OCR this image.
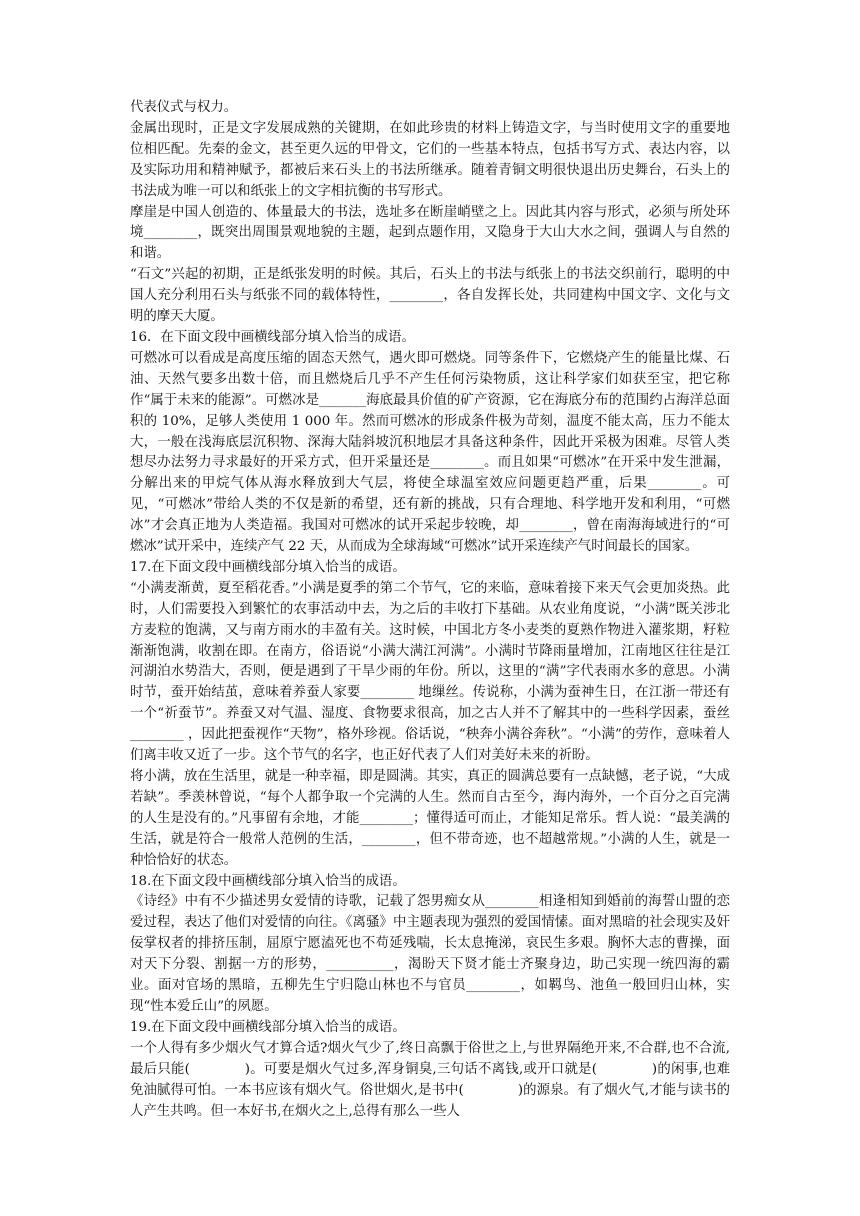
代表仪式与权力。

金属出现时，正是文字发展成熟的关键期，在如此珍贵的材料上铸造文字，与当时使用文字的重要地位相匹配。先秦的金文，甚至更久远的甲骨文，它们的一些基本特点，包括书写方式、表达内容，以及实际功用和精神赋予，都被后来石头上的书法所继承。随着青铜文明很快退出历史舞台，石头上的书法成为唯一可以和纸张上的文字相抗衡的书写形式。

摩崖是中国人创造的、体量最大的书法，选址多在断崖峭壁之上。因此其内容与形式，必须与所处环境________，既突出周围景观地貌的主题，起到点题作用，又隐身于大山大水之间，强调人与自然的和谐。

“石文”兴起的初期，正是纸张发明的时候。其后，石头上的书法与纸张上的书法交织前行，聪明的中国人充分利用石头与纸张不同的载体特性，________，各自发挥长处，共同建构中国文字、文化与文明的摩天大厦。

16．在下面文段中画横线部分填入恰当的成语。

可燃冰可以看成是高度压缩的固态天然气，遇火即可燃烧。同等条件下，它燃烧产生的能量比煤、石油、天然气要多出数十倍，而且燃烧后几乎不产生任何污染物质，这让科学家们如获至宝，把它称作“属于未来的能源”。可燃冰是_______海底最具价值的矿产资源，它在海底分布的范围约占海洋总面积的 10%，足够人类使用 1 000 年。然而可燃冰的形成条件极为苛刻，温度不能太高，压力不能太大，一般在浅海底层沉积物、深海大陆斜坡沉积地层才具备这种条件，因此开采极为困难。尽管人类想尽办法努力寻求最好的开采方式，但开采量还是________。而且如果“可燃冰”在开采中发生泄漏，分解出来的甲烷气体从海水释放到大气层，将使全球温室效应问题更趋严重，后果________。可见，“可燃冰”带给人类的不仅是新的希望，还有新的挑战，只有合理地、科学地开发和利用，“可燃冰”才会真正地为人类造福。我国对可燃冰的试开采起步较晚，却________，曾在南海海域进行的“可燃冰”试开采中，连续产气 22 天，从而成为全球海域“可燃冰”试开采连续产气时间最长的国家。

17.在下面文段中画横线部分填入恰当的成语。

“小满麦渐黄，夏至稻花香。”小满是夏季的第二个节气，它的来临，意味着接下来天气会更加炎热。此时，人们需要投入到繁忙的农事活动中去，为之后的丰收打下基础。从农业角度说，“小满”既关涉北方麦粒的饱满，又与南方雨水的丰盈有关。这时候，中国北方冬小麦类的夏熟作物进入灌浆期，籽粒渐渐饱满，收割在即。在南方，俗语说“小满大满江河满”。小满时节降雨量增加，江南地区往往是江河湖泊水势浩大，否则，便是遇到了干旱少雨的年份。所以，这里的“满”字代表雨水多的意思。小满时节，蚕开始结茧，意味着养蚕人家要________ 地缫丝。传说称，小满为蚕神生日，在江浙一带还有一个“祈蚕节”。养蚕又对气温、湿度、食物要求很高，加之古人并不了解其中的一些科学因素，蚕丝________ ，因此把蚕视作“天物”，格外珍视。俗话说，“秧奔小满谷奔秋”。“小满”的劳作，意味着人们离丰收又近了一步。这个节气的名字，也正好代表了人们对美好未来的祈盼。

将小满，放在生活里，就是一种幸福，即是圆满。其实，真正的圆满总要有一点缺憾，老子说，“大成若缺”。季羡林曾说，“每个人都争取一个完满的人生。然而自古至今，海内海外，一个百分之百完满的人生是没有的。”凡事留有余地，才能________；懂得适可而止，才能知足常乐。哲人说：“最美满的生活，就是符合一般常人范例的生活，________，但不带奇迹，也不超越常规。”小满的人生，就是一种恰恰好的状态。

18.在下面文段中画横线部分填入恰当的成语。

《诗经》中有不少描述男女爱情的诗歌，记载了怨男痴女从________相逢相知到婚前的海誓山盟的恋爱过程，表达了他们对爱情的向往。《离骚》中主题表现为强烈的爱国情愫。面对黑暗的社会现实及奸佞掌权者的排挤压制，屈原宁愿溘死也不苟延残喘，长太息掩涕，哀民生多艰。胸怀大志的曹操，面对天下分裂、割据一方的形势，__________，渴盼天下贤才能士齐聚身边，助己实现一统四海的霸业。面对官场的黑暗，五柳先生宁归隐山林也不与官员________，如羁鸟、池鱼一般回归山林，实现“性本爱丘山”的夙愿。

19.在下面文段中画横线部分填入恰当的成语。

一个人得有多少烟火气才算合适?烟火气少了,终日高飘于俗世之上,与世界隔绝开来,不合群,也不合流,最后只能(　　　　)。可要是烟火气过多,浑身铜臭,三句话不离钱,或开口就是(　　　　)的闲事,也难免油腻得可怕。一本书应该有烟火气。俗世烟火,是书中(　　　　)的源泉。有了烟火气,才能与读书的人产生共鸣。但一本好书,在烟火之上,总得有那么一些人
